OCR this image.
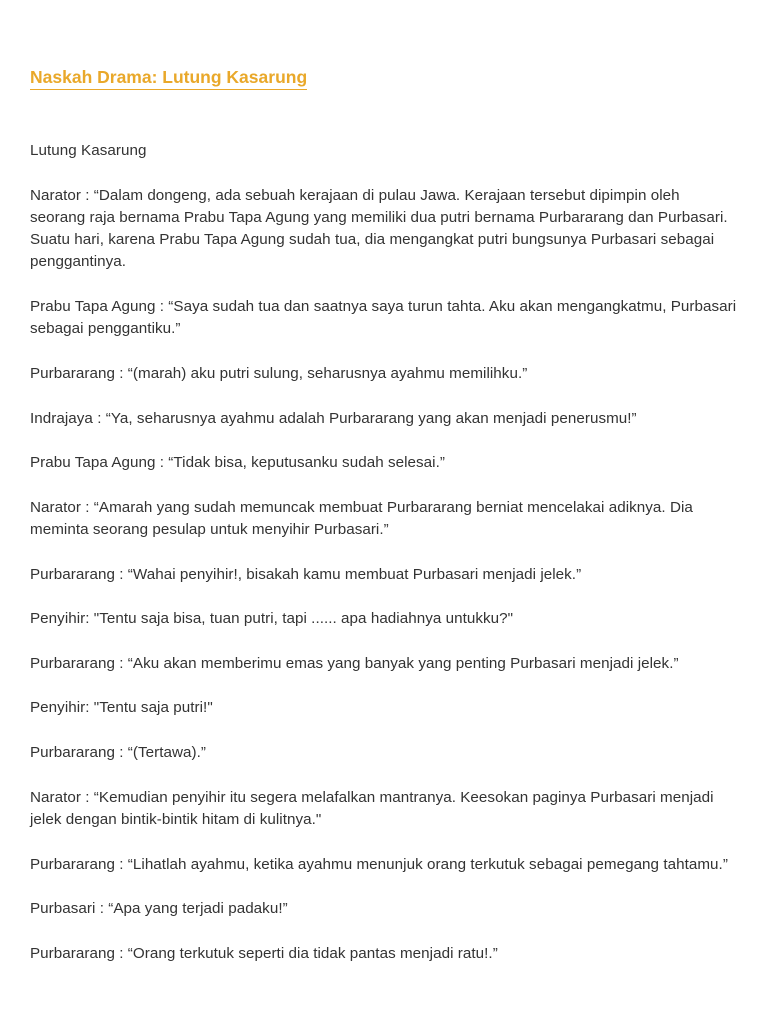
Naskah Drama: Lutung Kasarung

Lutung Kasarung

Narator : “Dalam dongeng, ada sebuah kerajaan di pulau Jawa. Kerajaan tersebut dipimpin oleh seorang raja bernama Prabu Tapa Agung yang memiliki dua putri bernama Purbararang dan Purbasari. Suatu hari, karena Prabu Tapa Agung sudah tua, dia mengangkat putri bungsunya Purbasari sebagai penggantinya.

Prabu Tapa Agung : “Saya sudah tua dan saatnya saya turun tahta. Aku akan mengangkatmu, Purbasari sebagai penggantiku.”

Purbararang : “(marah) aku putri sulung, seharusnya ayahmu memilihku.”

Indrajaya : “Ya, seharusnya ayahmu adalah Purbararang yang akan menjadi penerusmu!”

Prabu Tapa Agung : “Tidak bisa, keputusanku sudah selesai.”

Narator : “Amarah yang sudah memuncak membuat Purbararang berniat mencelakai adiknya. Dia meminta seorang pesulap untuk menyihir Purbasari.”

Purbararang : “Wahai penyihir!, bisakah kamu membuat Purbasari menjadi jelek.”

Penyihir: "Tentu saja bisa, tuan putri, tapi ...... apa hadiahnya untukku?"

Purbararang : “Aku akan memberimu emas yang banyak yang penting Purbasari menjadi jelek.”

Penyihir: "Tentu saja putri!"

Purbararang : “(Tertawa).”

Narator : “Kemudian penyihir itu segera melafalkan mantranya. Keesokan paginya Purbasari menjadi jelek dengan bintik-bintik hitam di kulitnya."

Purbararang : “Lihatlah ayahmu, ketika ayahmu menunjuk orang terkutuk sebagai pemegang tahtamu.”

Purbasari : “Apa yang terjadi padaku!”

Purbararang : “Orang terkutuk seperti dia tidak pantas menjadi ratu!.”
